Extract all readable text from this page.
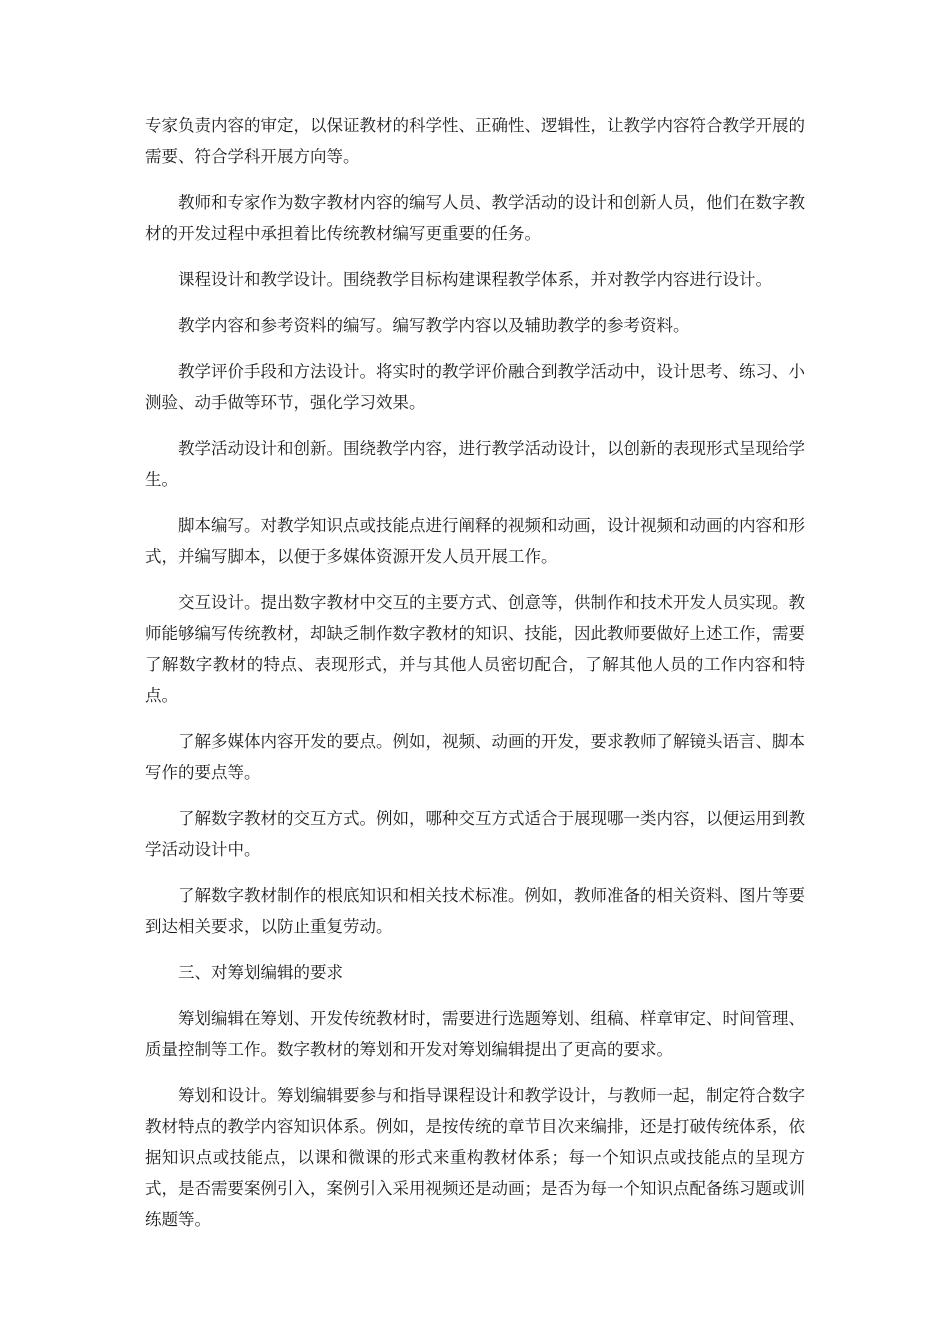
专家负责内容的审定，以保证教材的科学性、正确性、逻辑性，让教学内容符合教学开展的需要、符合学科开展方向等。

教师和专家作为数字教材内容的编写人员、教学活动的设计和创新人员，他们在数字教材的开发过程中承担着比传统教材编写更重要的任务。

课程设计和教学设计。围绕教学目标构建课程教学体系，并对教学内容进行设计。

教学内容和参考资料的编写。编写教学内容以及辅助教学的参考资料。

教学评价手段和方法设计。将实时的教学评价融合到教学活动中，设计思考、练习、小测验、动手做等环节，强化学习效果。

教学活动设计和创新。围绕教学内容，进行教学活动设计，以创新的表现形式呈现给学生。

脚本编写。对教学知识点或技能点进行阐释的视频和动画，设计视频和动画的内容和形式，并编写脚本，以便于多媒体资源开发人员开展工作。

交互设计。提出数字教材中交互的主要方式、创意等，供制作和技术开发人员实现。教师能够编写传统教材，却缺乏制作数字教材的知识、技能，因此教师要做好上述工作，需要了解数字教材的特点、表现形式，并与其他人员密切配合，了解其他人员的工作内容和特点。

了解多媒体内容开发的要点。例如，视频、动画的开发，要求教师了解镜头语言、脚本写作的要点等。

了解数字教材的交互方式。例如，哪种交互方式适合于展现哪一类内容，以便运用到教学活动设计中。

了解数字教材制作的根底知识和相关技术标准。例如，教师准备的相关资料、图片等要到达相关要求，以防止重复劳动。

三、对筹划编辑的要求

筹划编辑在筹划、开发传统教材时，需要进行选题筹划、组稿、样章审定、时间管理、质量控制等工作。数字教材的筹划和开发对筹划编辑提出了更高的要求。

筹划和设计。筹划编辑要参与和指导课程设计和教学设计，与教师一起，制定符合数字教材特点的教学内容知识体系。例如，是按传统的章节目次来编排，还是打破传统体系，依据知识点或技能点，以课和微课的形式来重构教材体系；每一个知识点或技能点的呈现方式，是否需要案例引入，案例引入采用视频还是动画；是否为每一个知识点配备练习题或训练题等。
